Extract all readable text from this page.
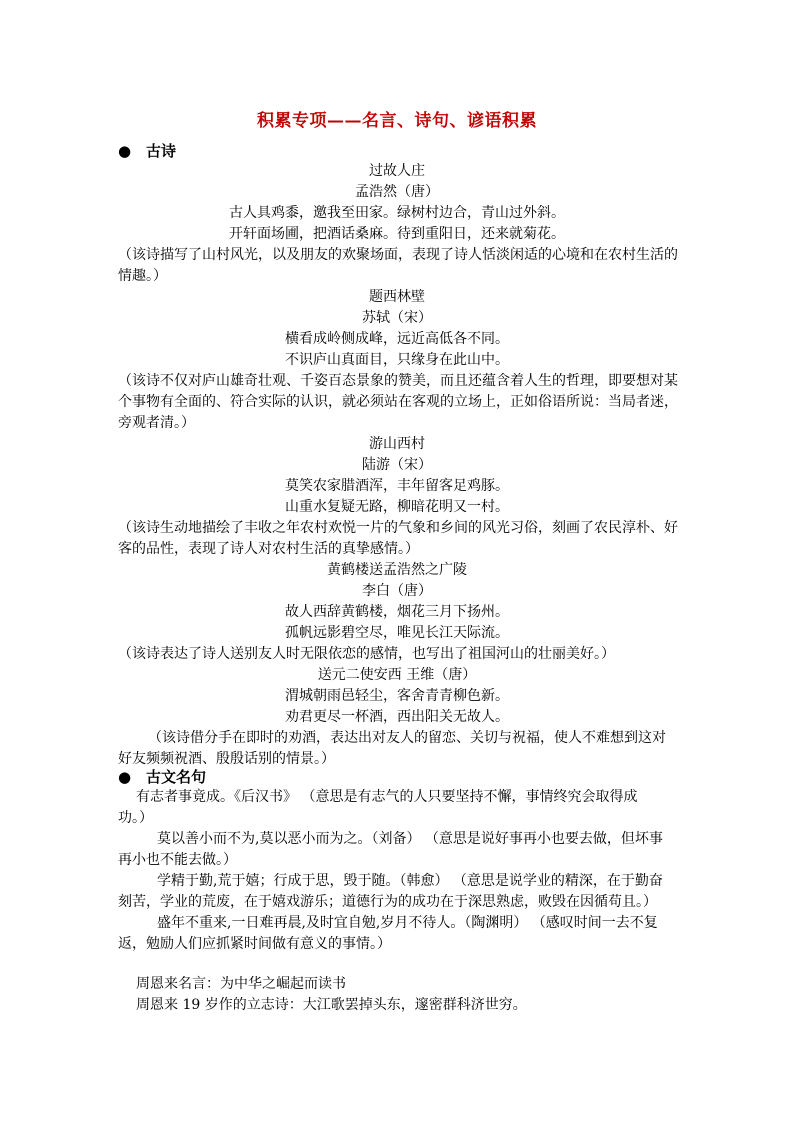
积累专项——名言、诗句、谚语积累
● 古诗
过故人庄
孟浩然（唐）
古人具鸡黍，邀我至田家。绿树村边合，青山过外斜。
开轩面场圃，把酒话桑麻。待到重阳日，还来就菊花。
（该诗描写了山村风光，以及朋友的欢聚场面，表现了诗人恬淡闲适的心境和在农村生活的
情趣。）
题西林壁
苏轼（宋）
横看成岭侧成峰，远近高低各不同。
不识庐山真面目，只缘身在此山中。
（该诗不仅对庐山雄奇壮观、千姿百态景象的赞美，而且还蕴含着人生的哲理，即要想对某
个事物有全面的、符合实际的认识，就必须站在客观的立场上，正如俗语所说：当局者迷，
旁观者清。）
游山西村
陆游（宋）
莫笑农家腊酒浑，丰年留客足鸡豚。
山重水复疑无路，柳暗花明又一村。
（该诗生动地描绘了丰收之年农村欢悦一片的气象和乡间的风光习俗，刻画了农民淳朴、好
客的品性，表现了诗人对农村生活的真挚感情。）
黄鹤楼送孟浩然之广陵
李白（唐）
故人西辞黄鹤楼，烟花三月下扬州。
孤帆远影碧空尽，唯见长江天际流。
（该诗表达了诗人送别友人时无限依恋的感情，也写出了祖国河山的壮丽美好。）
送元二使安西 王维（唐）
渭城朝雨邑轻尘，客舍青青柳色新。
劝君更尽一杯酒，西出阳关无故人。
（该诗借分手在即时的劝酒，表达出对友人的留恋、关切与祝福，使人不难想到这对
好友频频祝酒、殷殷话别的情景。）
● 古文名句
有志者事竟成。《后汉书》 （意思是有志气的人只要坚持不懈，事情终究会取得成
功。）
莫以善小而不为,莫以恶小而为之。（刘备） （意思是说好事再小也要去做，但坏事
再小也不能去做。）
学精于勤,荒于嬉；行成于思，毁于随。（韩愈） （意思是说学业的精深，在于勤奋
刻苦，学业的荒废，在于嬉戏游乐；道德行为的成功在于深思熟虑，败毁在因循苟且。）
盛年不重来,一日难再晨,及时宜自勉,岁月不待人。（陶渊明） （感叹时间一去不复
返，勉励人们应抓紧时间做有意义的事情。）
周恩来名言：为中华之崛起而读书
周恩来 19 岁作的立志诗：大江歌罢掉头东，邃密群科济世穷。
